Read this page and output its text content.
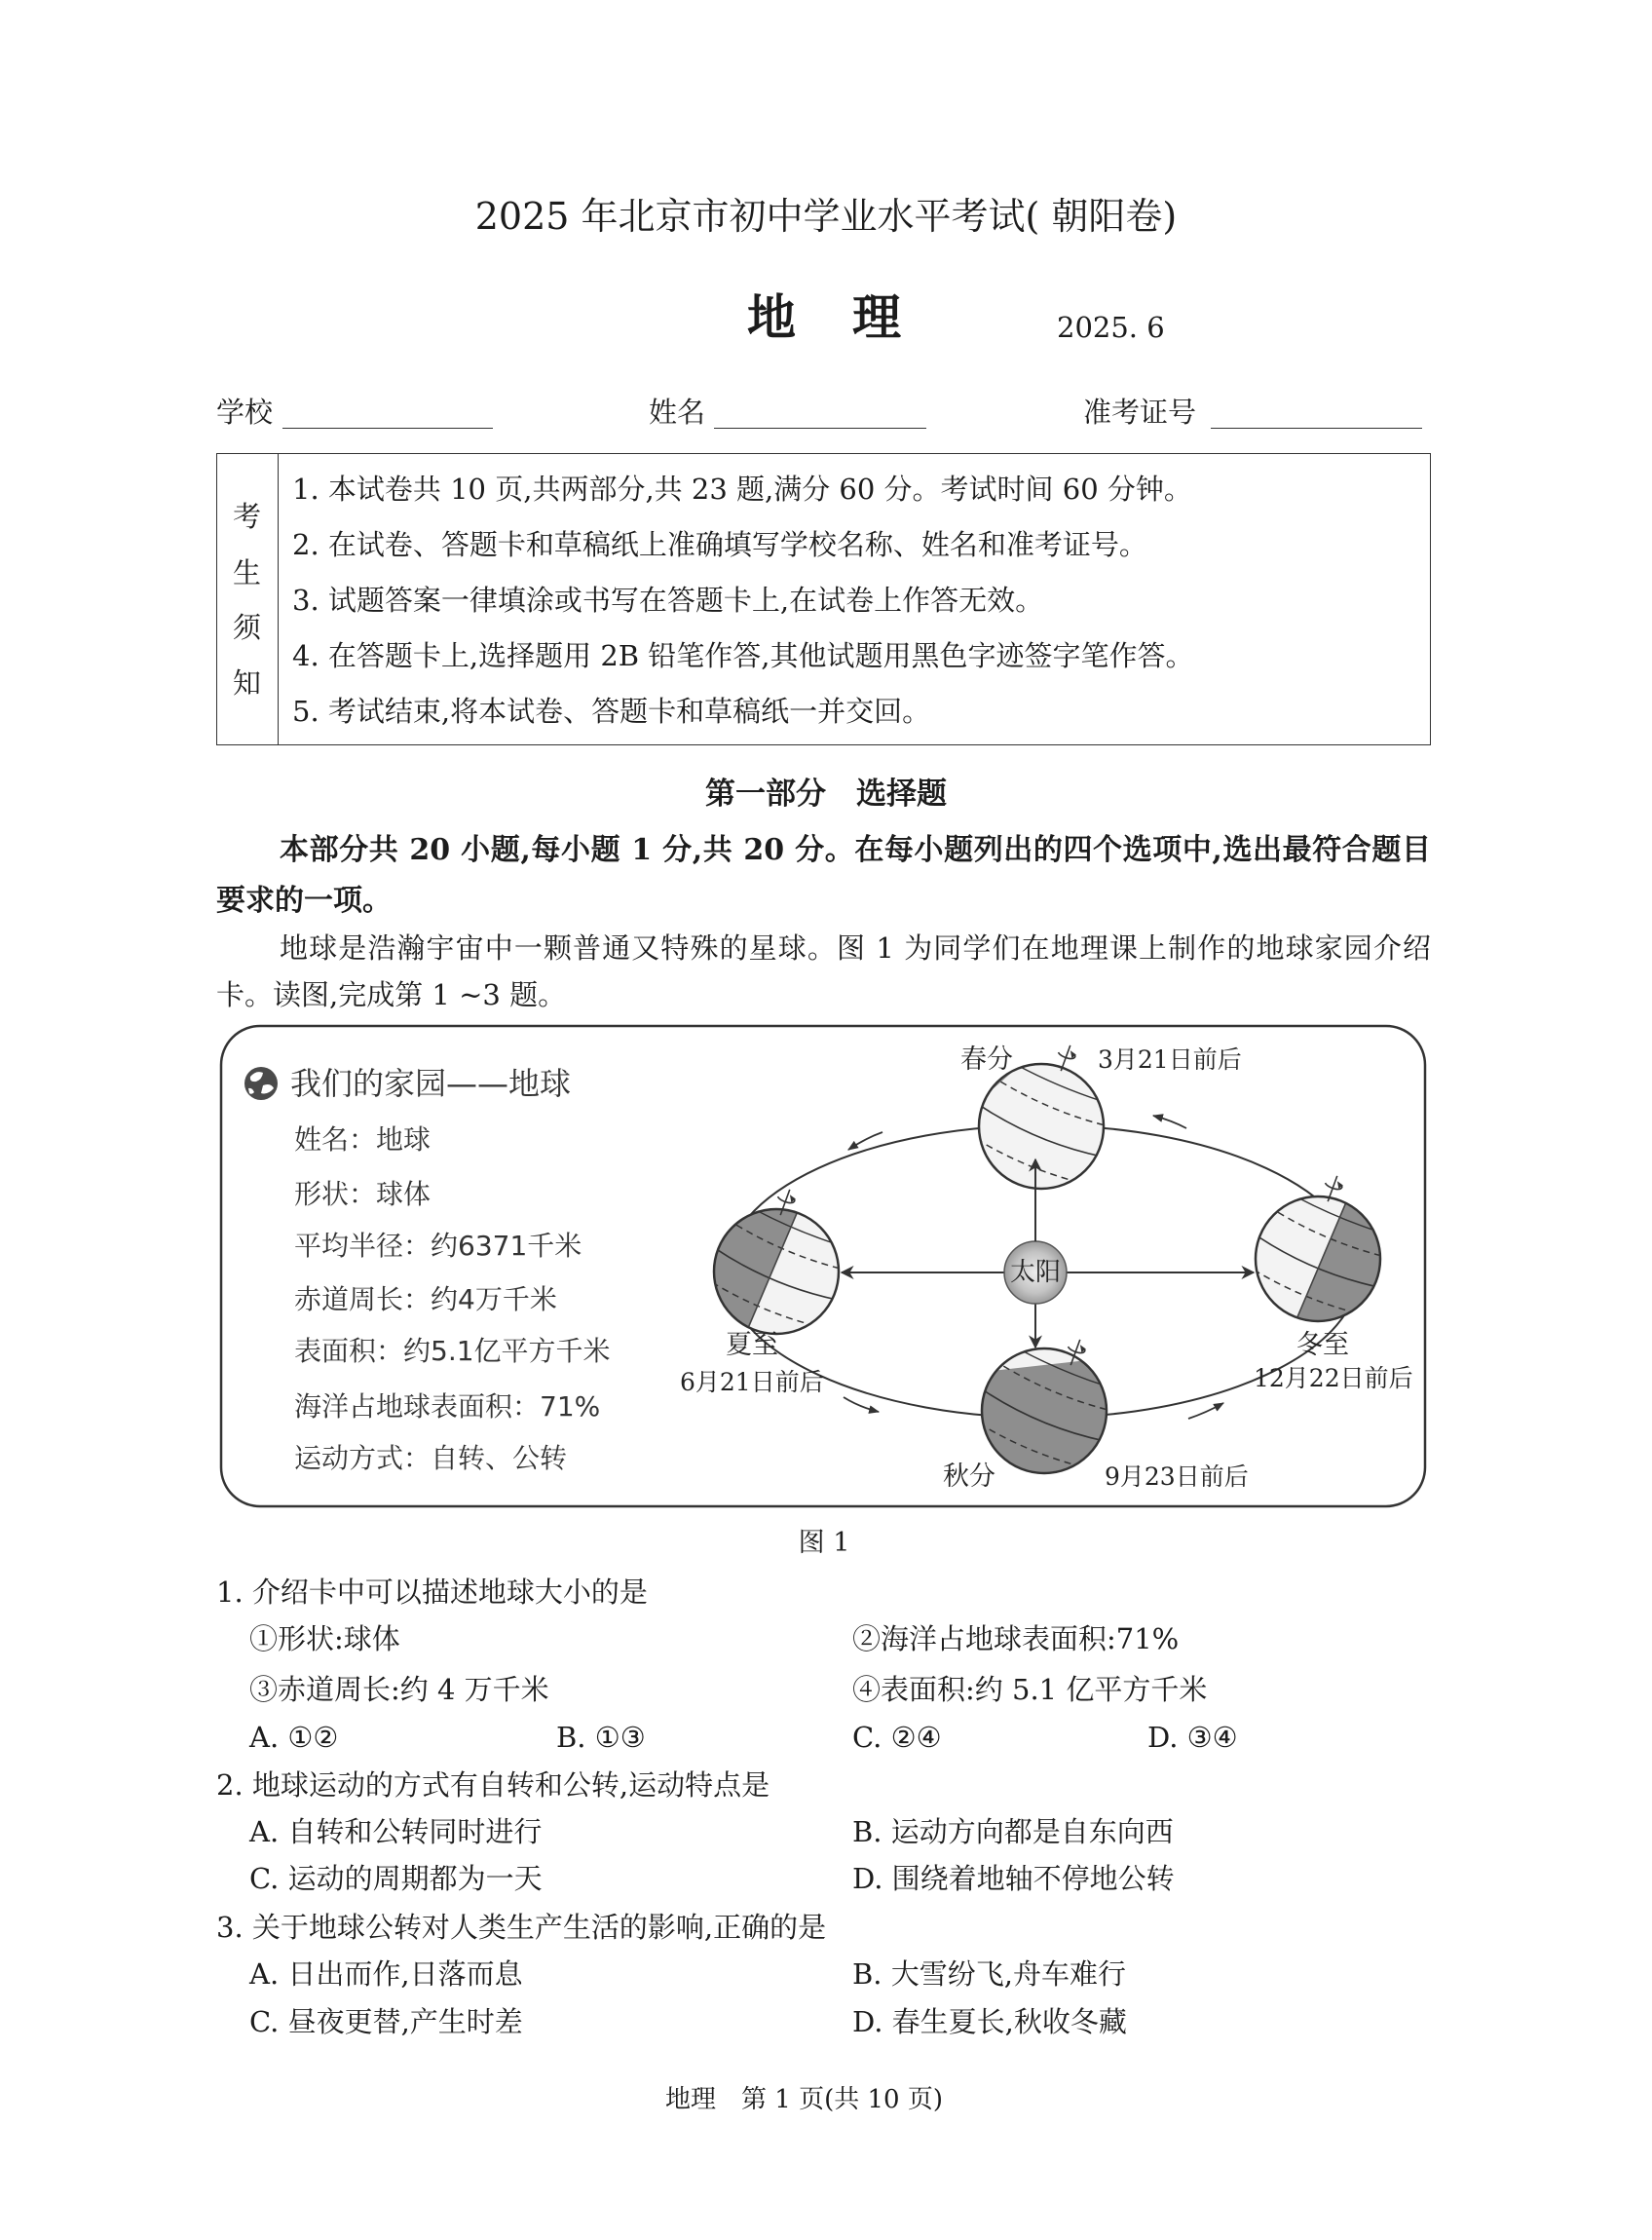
2025 年北京市初中学业水平考试( 朝阳卷)
地　理	2025. 6
学校	姓名	准考证号
考
生
须
知
1. 本试卷共 10 页,共两部分,共 23 题,满分 60 分。考试时间 60 分钟。
2. 在试卷、答题卡和草稿纸上准确填写学校名称、姓名和准考证号。
3. 试题答案一律填涂或书写在答题卡上,在试卷上作答无效。
4. 在答题卡上,选择题用 2B 铅笔作答,其他试题用黑色字迹签字笔作答。
5. 考试结束,将本试卷、答题卡和草稿纸一并交回。
第一部分　选择题
本部分共 20 小题,每小题 1 分,共 20 分。在每小题列出的四个选项中,选出最符合题目要求的一项。
地球是浩瀚宇宙中一颗普通又特殊的星球。图 1 为同学们在地理课上制作的地球家园介绍卡。读图,完成第 1 ~3 题。
我们的家园——地球
姓名：地球
形状：球体
平均半径：约6371千米
赤道周长：约4万千米
表面积：约5.1亿平方千米
海洋占地球表面积：71%
运动方式：自转、公转
太阳
春分	3月21日前后
夏至
6月21日前后
冬至
12月22日前后
秋分	9月23日前后
图 1
1. 介绍卡中可以描述地球大小的是
①形状:球体	②海洋占地球表面积:71%
③赤道周长:约 4 万千米	④表面积:约 5.1 亿平方千米
A. ①②	B. ①③	C. ②④	D. ③④
2. 地球运动的方式有自转和公转,运动特点是
A. 自转和公转同时进行	B. 运动方向都是自东向西
C. 运动的周期都为一天	D. 围绕着地轴不停地公转
3. 关于地球公转对人类生产生活的影响,正确的是
A. 日出而作,日落而息	B. 大雪纷飞,舟车难行
C. 昼夜更替,产生时差	D. 春生夏长,秋收冬藏
地理　第 1 页(共 10 页)
